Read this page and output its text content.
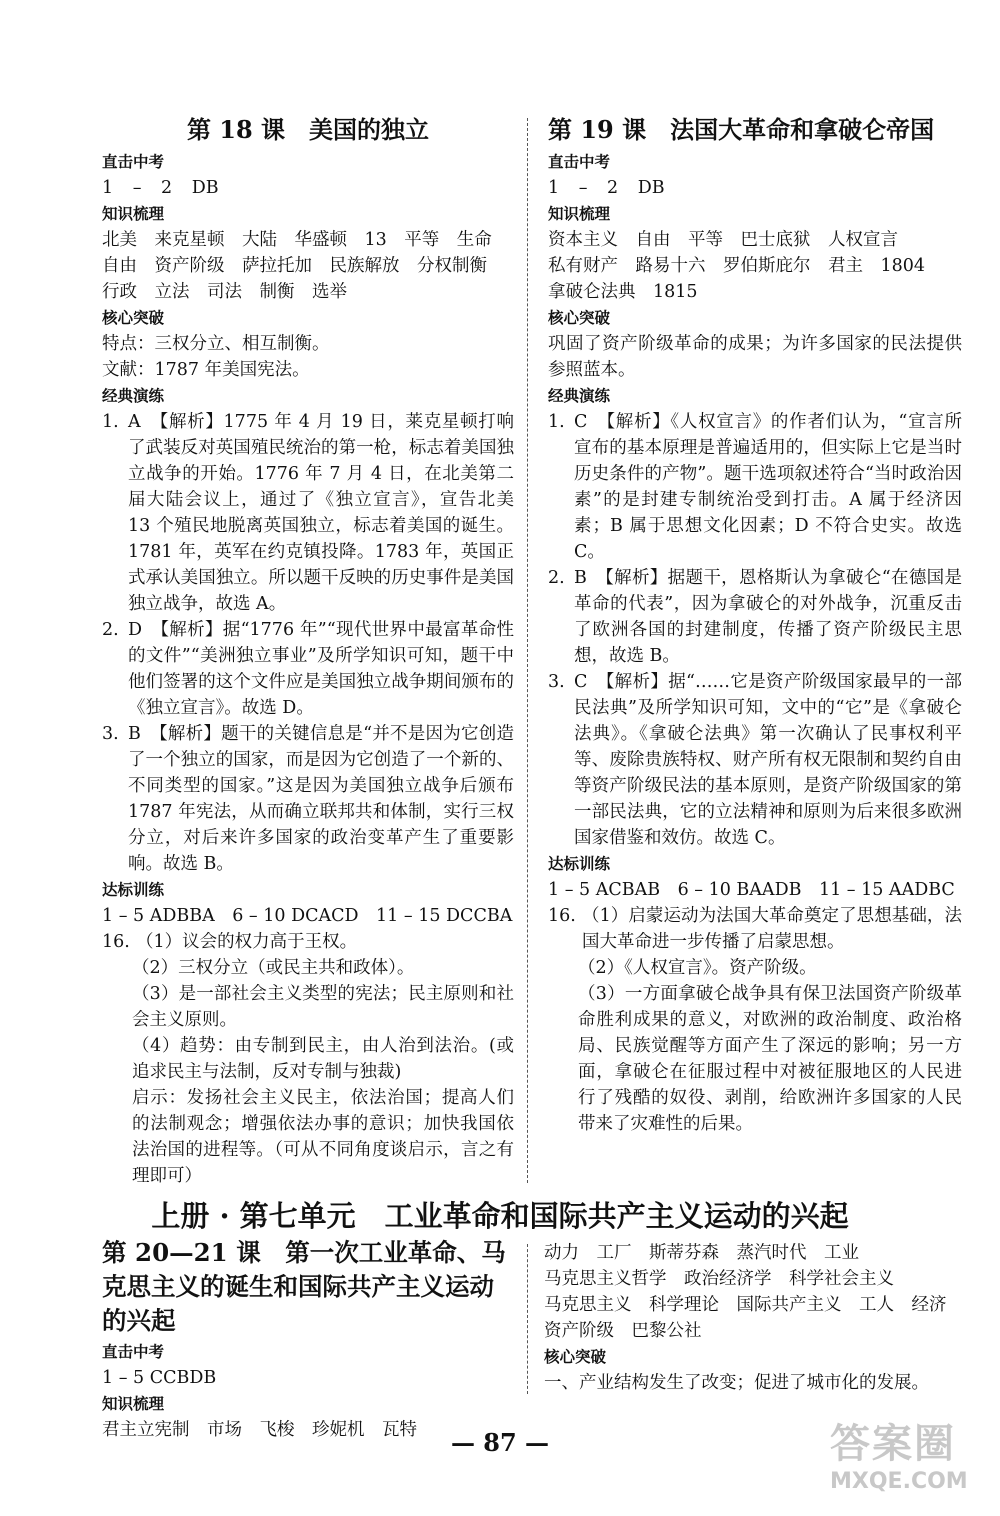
第 18 课　美国的独立
直击中考
1 – 2 DB
知识梳理
北美　来克星顿　大陆　华盛顿　13　平等　生命
自由　资产阶级　萨拉托加　民族解放　分权制衡
行政　立法　司法　制衡　选举
核心突破
特点：三权分立、相互制衡。
文献：1787 年美国宪法。
经典演练
1. A　【解析】1775 年 4 月 19 日，莱克星顿打响了武装反对英国殖民统治的第一枪，标志着美国独立战争的开始。1776 年 7 月 4 日，在北美第二届大陆会议上，通过了《独立宣言》，宣告北美 13 个殖民地脱离英国独立，标志着美国的诞生。1781 年，英军在约克镇投降。1783 年，英国正式承认美国独立。所以题干反映的历史事件是美国独立战争，故选 A。
2. D　【解析】据“1776 年”“现代世界中最富革命性的文件”“美洲独立事业”及所学知识可知，题干中他们签署的这个文件应是美国独立战争期间颁布的《独立宣言》。故选 D。
3. B　【解析】题干的关键信息是“并不是因为它创造了一个独立的国家，而是因为它创造了一个新的、不同类型的国家。”这是因为美国独立战争后颁布 1787 年宪法，从而确立联邦共和体制，实行三权分立，对后来许多国家的政治变革产生了重要影响。故选 B。
达标训练
1 – 5 ADBBA　6 – 10 DCACD　11 – 15 DCCBA
16. （1）议会的权力高于王权。
（2）三权分立（或民主共和政体）。
（3）是一部社会主义类型的宪法；民主原则和社会主义原则。
（4）趋势：由专制到民主，由人治到法治。(或追求民主与法制，反对专制与独裁)
启示：发扬社会主义民主，依法治国；提高人们的法制观念；增强依法办事的意识；加快我国依法治国的进程等。（可从不同角度谈启示，言之有理即可）
第 19 课　法国大革命和拿破仑帝国
直击中考
1 – 2 DB
知识梳理
资本主义　自由　平等　巴士底狱　人权宣言
私有财产　路易十六　罗伯斯庇尔　君主　1804
拿破仑法典　1815
核心突破
巩固了资产阶级革命的成果；为许多国家的民法提供参照蓝本。
经典演练
1. C　【解析】《人权宣言》的作者们认为，“宣言所宣布的基本原理是普遍适用的，但实际上它是当时历史条件的产物”。题干选项叙述符合“当时政治因素”的是封建专制统治受到打击。A 属于经济因素；B 属于思想文化因素；D 不符合史实。故选 C。
2. B　【解析】据题干，恩格斯认为拿破仑“在德国是革命的代表”，因为拿破仑的对外战争，沉重反击了欧洲各国的封建制度，传播了资产阶级民主思想，故选 B。
3. C　【解析】据“……它是资产阶级国家最早的一部民法典”及所学知识可知，文中的“它”是《拿破仑法典》。《拿破仑法典》第一次确认了民事权利平等、废除贵族特权、财产所有权无限制和契约自由等资产阶级民法的基本原则，是资产阶级国家的第一部民法典，它的立法精神和原则为后来很多欧洲国家借鉴和效仿。故选 C。
达标训练
1 – 5 ACBAB　6 – 10 BAADB　11 – 15 AADBC
16. （1）启蒙运动为法国大革命奠定了思想基础，法国大革命进一步传播了启蒙思想。
（2）《人权宣言》。资产阶级。
（3）一方面拿破仑战争具有保卫法国资产阶级革命胜利成果的意义，对欧洲的政治制度、政治格局、民族觉醒等方面产生了深远的影响；另一方面，拿破仑在征服过程中对被征服地区的人民进行了残酷的奴役、剥削，给欧洲许多国家的人民带来了灾难性的后果。
上册 · 第七单元　工业革命和国际共产主义运动的兴起
第 20—21 课　第一次工业革命、马克思主义的诞生和国际共产主义运动的兴起
直击中考
1 – 5 CCBDB
知识梳理
君主立宪制　市场　飞梭　珍妮机　瓦特
动力　工厂　斯蒂芬森　蒸汽时代　工业
马克思主义哲学　政治经济学　科学社会主义
马克思主义　科学理论　国际共产主义　工人　经济
资产阶级　巴黎公社
核心突破
一、产业结构发生了改变；促进了城市化的发展。
— 87 —	答案圈
MXQE.COM
